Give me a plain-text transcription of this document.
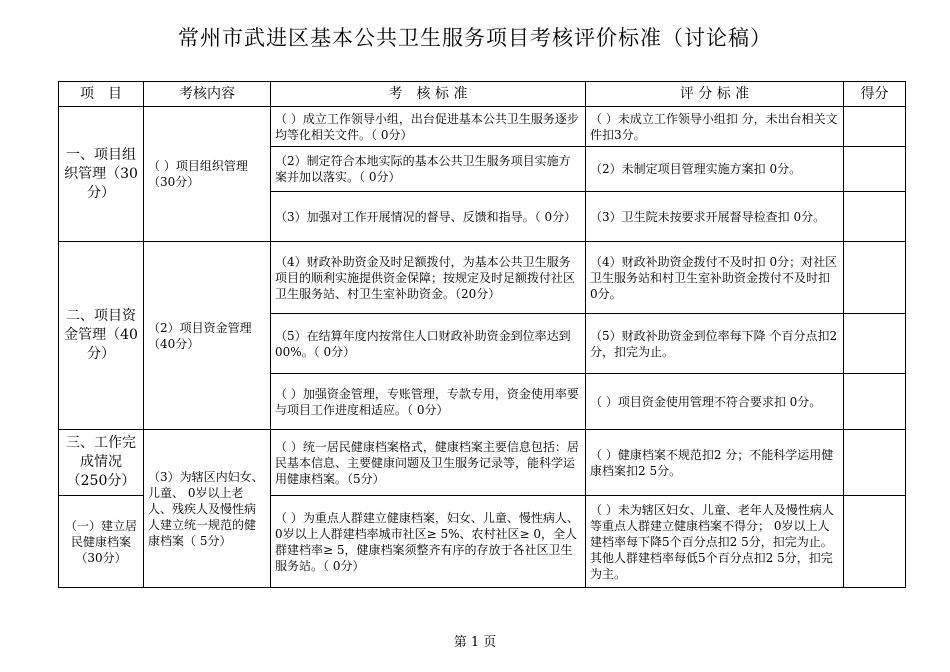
常州市武进区基本公共卫生服务项目考核评价标准（讨论稿）
项　目	考核内容	考　核 标 准	评 分 标 准	得分
一、项目组织管理（30分）	（ ）项目组织管理（30分）	（ ）成立工作领导小组，出台促进基本公共卫生服务逐步均等化相关文件。（ 0分）	（ ）未成立工作领导小组扣 分，未出台相关文件扣3分。	
		（2）制定符合本地实际的基本公共卫生服务项目实施方案并加以落实。（ 0分）	（2）未制定项目管理实施方案扣 0分。	
		（3）加强对工作开展情况的督导、反馈和指导。（ 0分）	（3）卫生院未按要求开展督导检查扣 0分。	
二、项目资金管理（40分）	（2）项目资金管理（40分）	（4）财政补助资金及时足额拨付，为基本公共卫生服务项目的顺利实施提供资金保障；按规定及时足额拨付社区卫生服务站、村卫生室补助资金。（20分）	（4）财政补助资金拨付不及时扣 0分；对社区卫生服务站和村卫生室补助资金拨付不及时扣 0分。	
		（5）在结算年度内按常住人口财政补助资金到位率达到 00%。（ 0分）	（5）财政补助资金到位率每下降 个百分点扣2分，扣完为止。	
		（ ）加强资金管理，专账管理，专款专用，资金使用率要与项目工作进度相适应。（ 0分）	（ ）项目资金使用管理不符合要求扣 0分。	
三、工作完成情况（250分）	（3）为辖区内妇女、儿童、 0岁以上老人、残疾人及慢性病人建立统一规范的健康档案（ 5分）	（ ）统一居民健康档案格式，健康档案主要信息包括：居民基本信息、主要健康问题及卫生服务记录等，能科学运用健康档案。（5分）	（ ）健康档案不规范扣2 分；不能科学运用健康档案扣2 5分。	
（一）建立居民健康档案（30分）		（ ）为重点人群建立健康档案，妇女、儿童、慢性病人、 0岁以上人群建档率城市社区≥ 5%、农村社区≥ 0，全人群建档率≥ 5，健康档案须整齐有序的存放于各社区卫生服务站。（ 0分）	（ ）未为辖区妇女、儿童、老年人及慢性病人等重点人群建立健康档案不得分； 0岁以上人建档率每下降5个百分点扣2 5分，扣完为止。其他人群建档率每低5个百分点扣2 5分，扣完为主。	
第 1 页
